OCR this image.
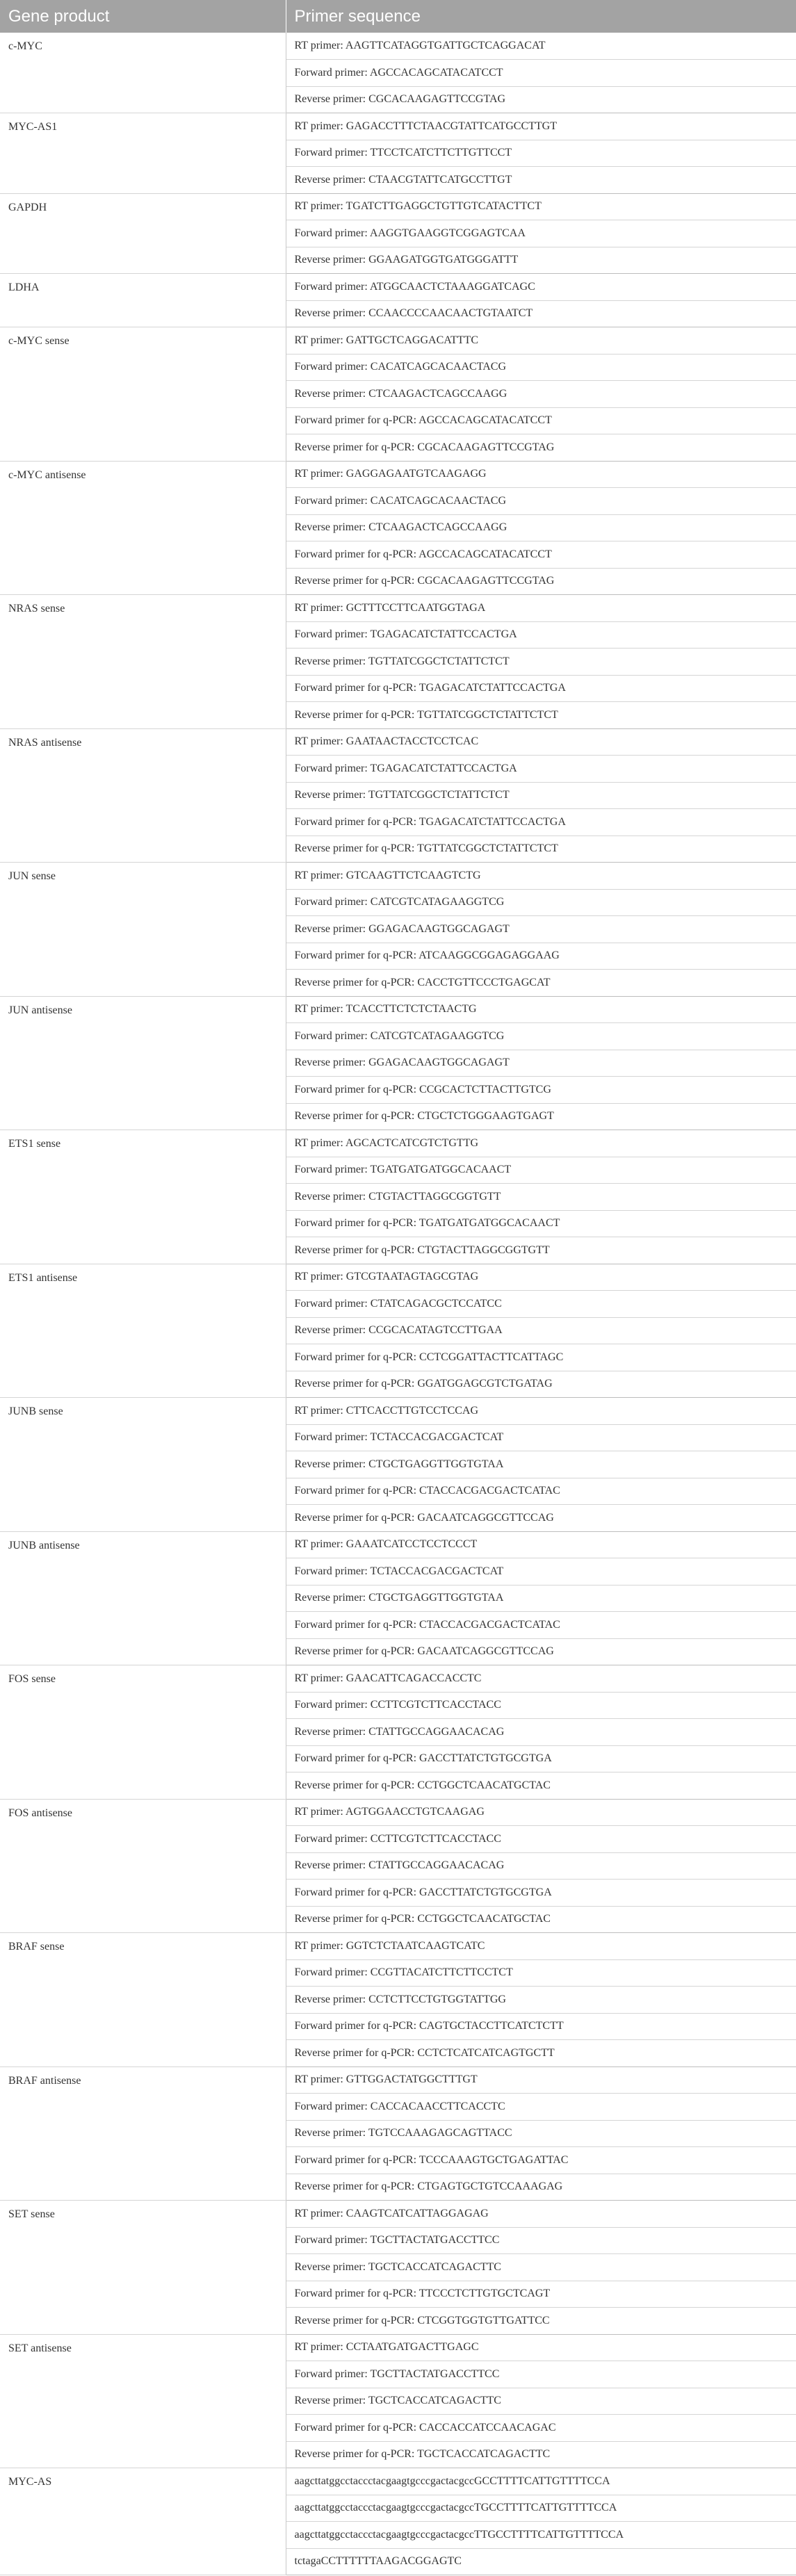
Gene product	Primer sequence
c-MYC	RT primer: AAGTTCATAGGTGATTGCTCAGGACAT
	Forward primer: AGCCACAGCATACATCCT
	Reverse primer: CGCACAAGAGTTCCGTAG
MYC-AS1	RT primer: GAGACCTTTCTAACGTATTCATGCCTTGT
	Forward primer: TTCCTCATCTTCTTGTTCCT
	Reverse primer: CTAACGTATTCATGCCTTGT
GAPDH	RT primer: TGATCTTGAGGCTGTTGTCATACTTCT
	Forward primer: AAGGTGAAGGTCGGAGTCAA
	Reverse primer: GGAAGATGGTGATGGGATTT
LDHA	Forward primer: ATGGCAACTCTAAAGGATCAGC
	Reverse primer: CCAACCCCAACAACTGTAATCT
c-MYC sense	RT primer: GATTGCTCAGGACATTTC
	Forward primer: CACATCAGCACAACTACG
	Reverse primer: CTCAAGACTCAGCCAAGG
	Forward primer for q-PCR: AGCCACAGCATACATCCT
	Reverse primer for q-PCR: CGCACAAGAGTTCCGTAG
c-MYC antisense	RT primer: GAGGAGAATGTCAAGAGG
	Forward primer: CACATCAGCACAACTACG
	Reverse primer: CTCAAGACTCAGCCAAGG
	Forward primer for q-PCR: AGCCACAGCATACATCCT
	Reverse primer for q-PCR: CGCACAAGAGTTCCGTAG
NRAS sense	RT primer: GCTTTCCTTCAATGGTAGA
	Forward primer: TGAGACATCTATTCCACTGA
	Reverse primer: TGTTATCGGCTCTATTCTCT
	Forward primer for q-PCR: TGAGACATCTATTCCACTGA
	Reverse primer for q-PCR: TGTTATCGGCTCTATTCTCT
NRAS antisense	RT primer: GAATAACTACCTCCTCAC
	Forward primer: TGAGACATCTATTCCACTGA
	Reverse primer: TGTTATCGGCTCTATTCTCT
	Forward primer for q-PCR: TGAGACATCTATTCCACTGA
	Reverse primer for q-PCR: TGTTATCGGCTCTATTCTCT
JUN sense	RT primer: GTCAAGTTCTCAAGTCTG
	Forward primer: CATCGTCATAGAAGGTCG
	Reverse primer: GGAGACAAGTGGCAGAGT
	Forward primer for q-PCR: ATCAAGGCGGAGAGGAAG
	Reverse primer for q-PCR: CACCTGTTCCCTGAGCAT
JUN antisense	RT primer: TCACCTTCTCTCTAACTG
	Forward primer: CATCGTCATAGAAGGTCG
	Reverse primer: GGAGACAAGTGGCAGAGT
	Forward primer for q-PCR: CCGCACTCTTACTTGTCG
	Reverse primer for q-PCR: CTGCTCTGGGAAGTGAGT
ETS1 sense	RT primer: AGCACTCATCGTCTGTTG
	Forward primer: TGATGATGATGGCACAACT
	Reverse primer: CTGTACTTAGGCGGTGTT
	Forward primer for q-PCR: TGATGATGATGGCACAACT
	Reverse primer for q-PCR: CTGTACTTAGGCGGTGTT
ETS1 antisense	RT primer: GTCGTAATAGTAGCGTAG
	Forward primer: CTATCAGACGCTCCATCC
	Reverse primer: CCGCACATAGTCCTTGAA
	Forward primer for q-PCR: CCTCGGATTACTTCATTAGC
	Reverse primer for q-PCR: GGATGGAGCGTCTGATAG
JUNB sense	RT primer: CTTCACCTTGTCCTCCAG
	Forward primer: TCTACCACGACGACTCAT
	Reverse primer: CTGCTGAGGTTGGTGTAA
	Forward primer for q-PCR: CTACCACGACGACTCATAC
	Reverse primer for q-PCR: GACAATCAGGCGTTCCAG
JUNB antisense	RT primer: GAAATCATCCTCCTCCCT
	Forward primer: TCTACCACGACGACTCAT
	Reverse primer: CTGCTGAGGTTGGTGTAA
	Forward primer for q-PCR: CTACCACGACGACTCATAC
	Reverse primer for q-PCR: GACAATCAGGCGTTCCAG
FOS sense	RT primer: GAACATTCAGACCACCTC
	Forward primer: CCTTCGTCTTCACCTACC
	Reverse primer: CTATTGCCAGGAACACAG
	Forward primer for q-PCR: GACCTTATCTGTGCGTGA
	Reverse primer for q-PCR: CCTGGCTCAACATGCTAC
FOS antisense	RT primer: AGTGGAACCTGTCAAGAG
	Forward primer: CCTTCGTCTTCACCTACC
	Reverse primer: CTATTGCCAGGAACACAG
	Forward primer for q-PCR: GACCTTATCTGTGCGTGA
	Reverse primer for q-PCR: CCTGGCTCAACATGCTAC
BRAF sense	RT primer: GGTCTCTAATCAAGTCATC
	Forward primer: CCGTTACATCTTCTTCCTCT
	Reverse primer: CCTCTTCCTGTGGTATTGG
	Forward primer for q-PCR: CAGTGCTACCTTCATCTCTT
	Reverse primer for q-PCR: CCTCTCATCATCAGTGCTT
BRAF antisense	RT primer: GTTGGACTATGGCTTTGT
	Forward primer: CACCACAACCTTCACCTC
	Reverse primer: TGTCCAAAGAGCAGTTACC
	Forward primer for q-PCR: TCCCAAAGTGCTGAGATTAC
	Reverse primer for q-PCR: CTGAGTGCTGTCCAAAGAG
SET sense	RT primer: CAAGTCATCATTAGGAGAG
	Forward primer: TGCTTACTATGACCTTCC
	Reverse primer: TGCTCACCATCAGACTTC
	Forward primer for q-PCR: TTCCCTCTTGTGCTCAGT
	Reverse primer for q-PCR: CTCGGTGGTGTTGATTCC
SET antisense	RT primer: CCTAATGATGACTTGAGC
	Forward primer: TGCTTACTATGACCTTCC
	Reverse primer: TGCTCACCATCAGACTTC
	Forward primer for q-PCR: CACCACCATCCAACAGAC
	Reverse primer for q-PCR: TGCTCACCATCAGACTTC
MYC-AS	aagcttatggcctaccctacgaagtgcccgactacgccGCCTTTTCATTGTTTTCCA
	aagcttatggcctaccctacgaagtgcccgactacgccTGCCTTTTCATTGTTTTCCA
	aagcttatggcctaccctacgaagtgcccgactacgccTTGCCTTTTCATTGTTTTCCA
	tctagaCCTTTTTTAAGACGGAGTC
